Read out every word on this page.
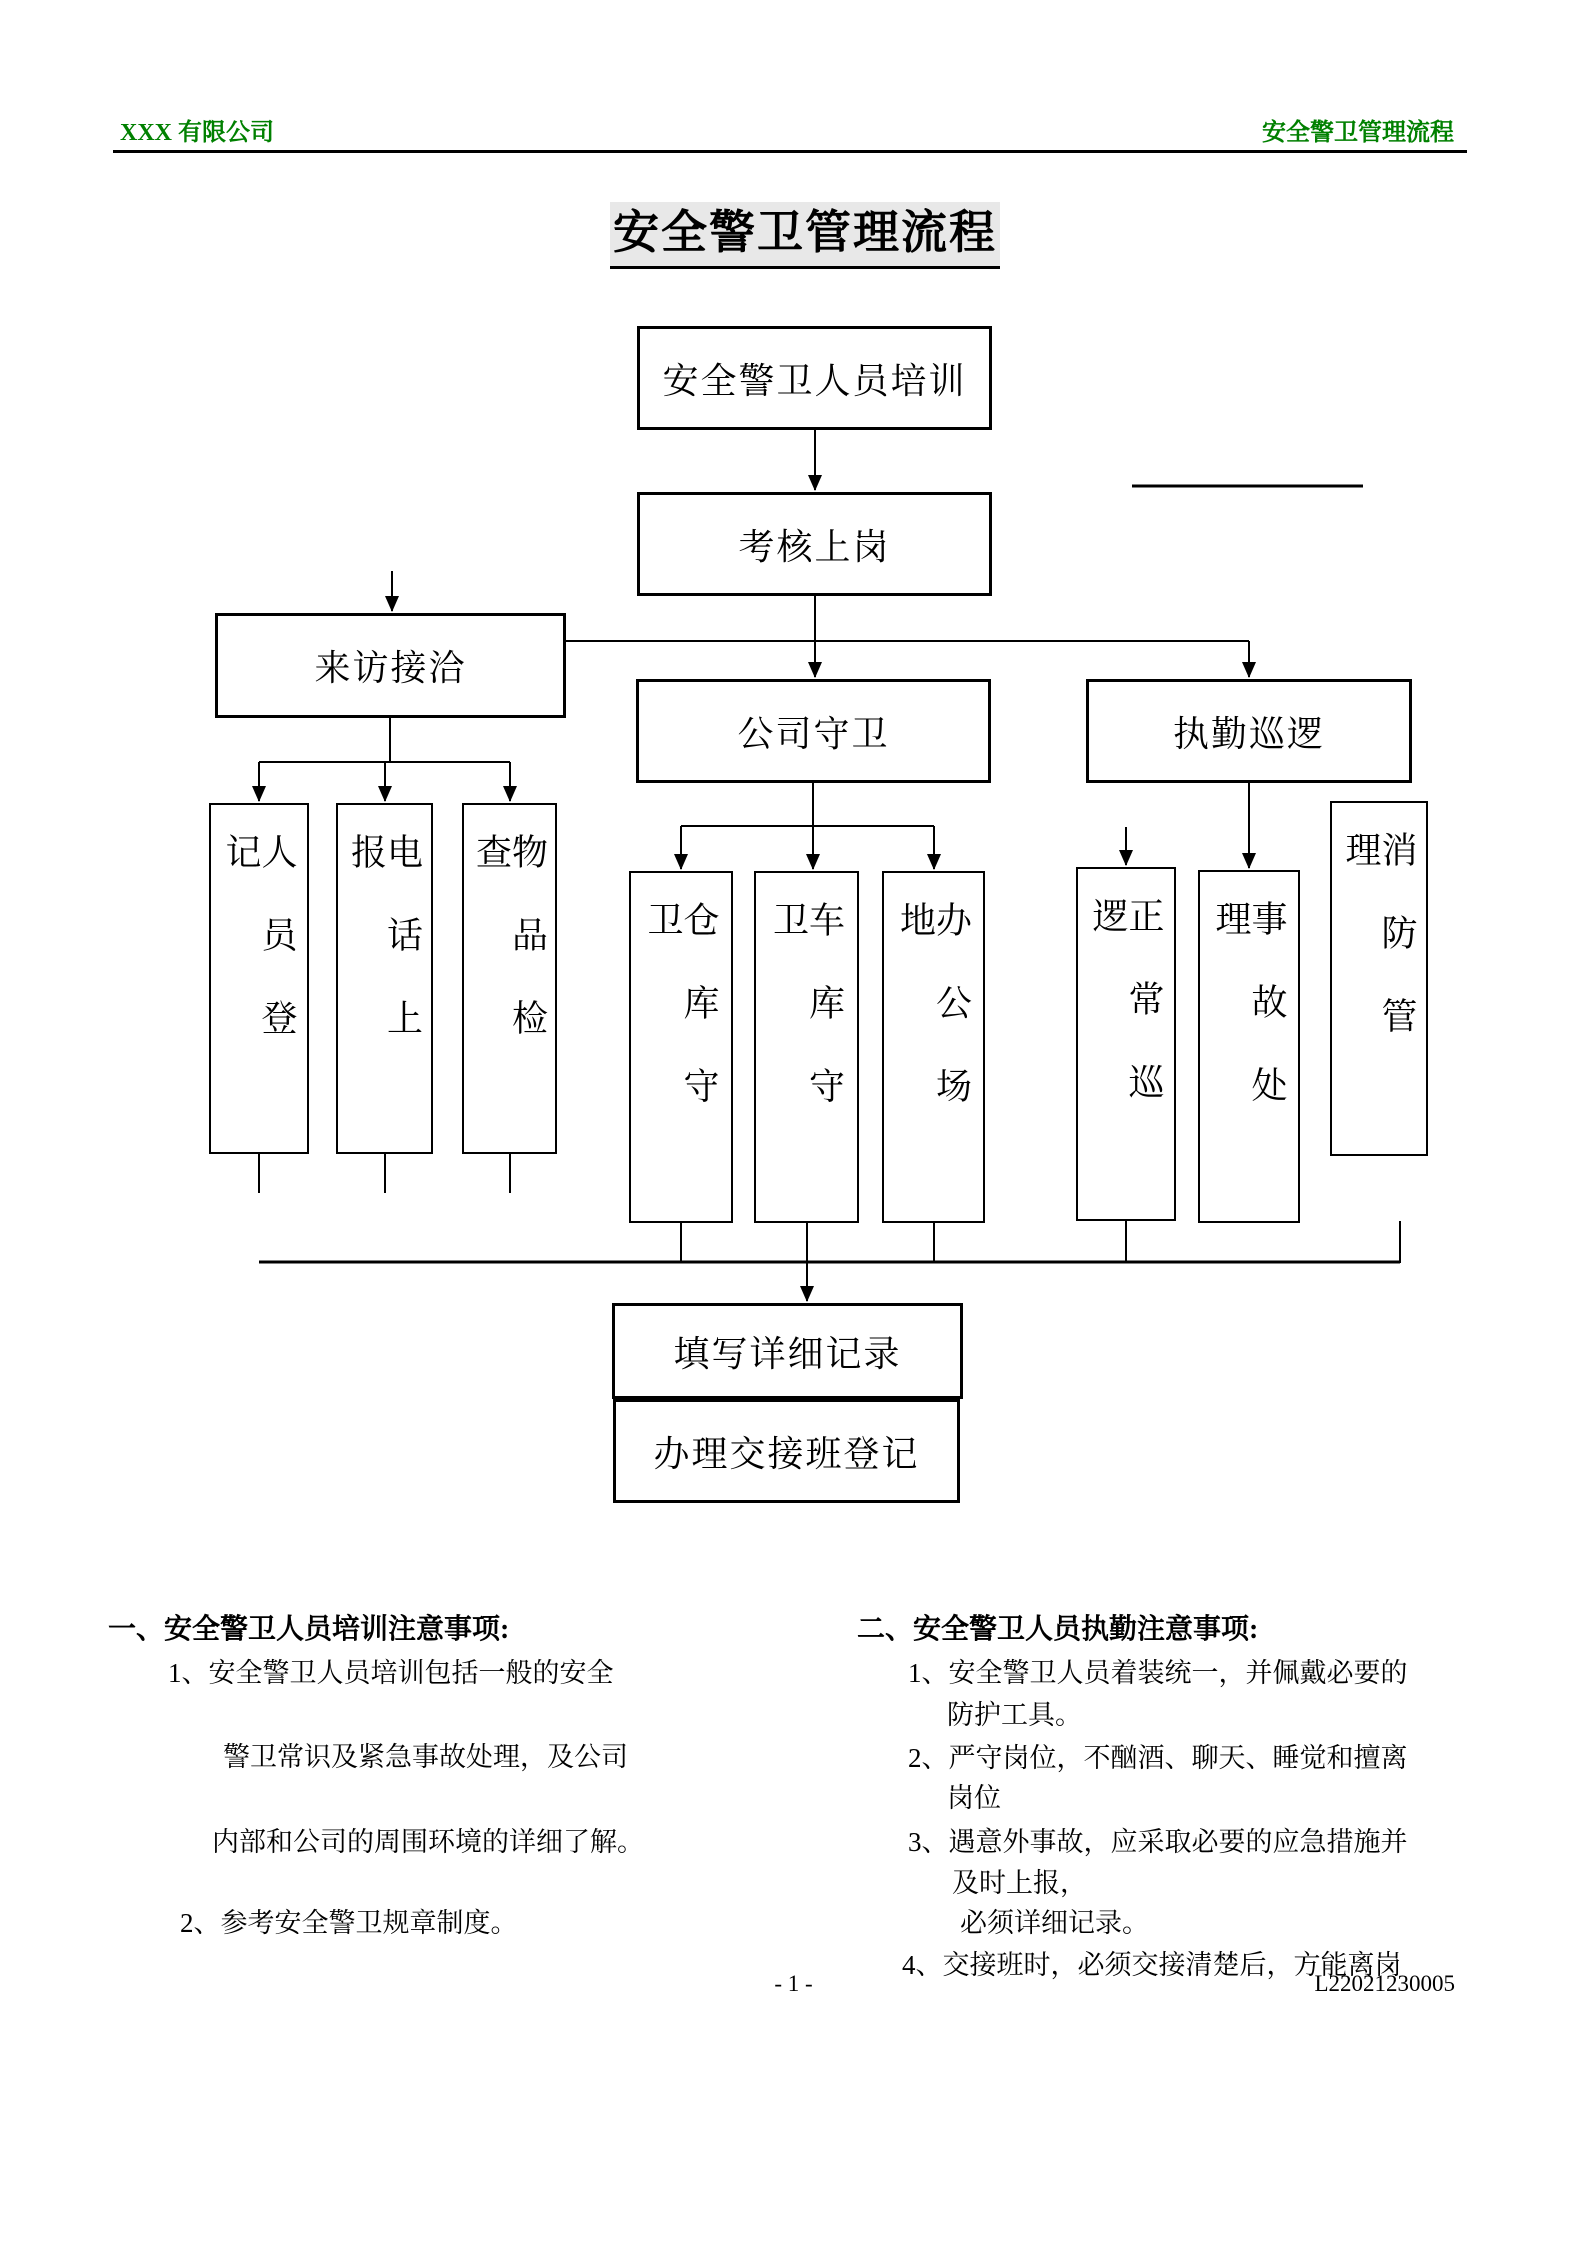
XXX 有限公司	安全警卫管理流程
安全警卫管理流程
安全警卫人员培训
考核上岗
来访接洽
公司守卫	执勤巡逻
人员登记	电话上报	物品检查
仓库守卫	车库守卫	办公场地	正常巡逻	事故处理	消防管理
填写详细记录
办理交接班登记
一、安全警卫人员培训注意事项:
1、安全警卫人员培训包括一般的安全
警卫常识及紧急事故处理，及公司
内部和公司的周围环境的详细了解。
2、参考安全警卫规章制度。
二、安全警卫人员执勤注意事项:
1、安全警卫人员着装统一，并佩戴必要的
防护工具。
2、严守岗位，不酗酒、聊天、睡觉和擅离
岗位
3、遇意外事故，应采取必要的应急措施并
及时上报，
必须详细记录。
4、交接班时，必须交接清楚后，方能离岗
- 1 -	L22021230005
